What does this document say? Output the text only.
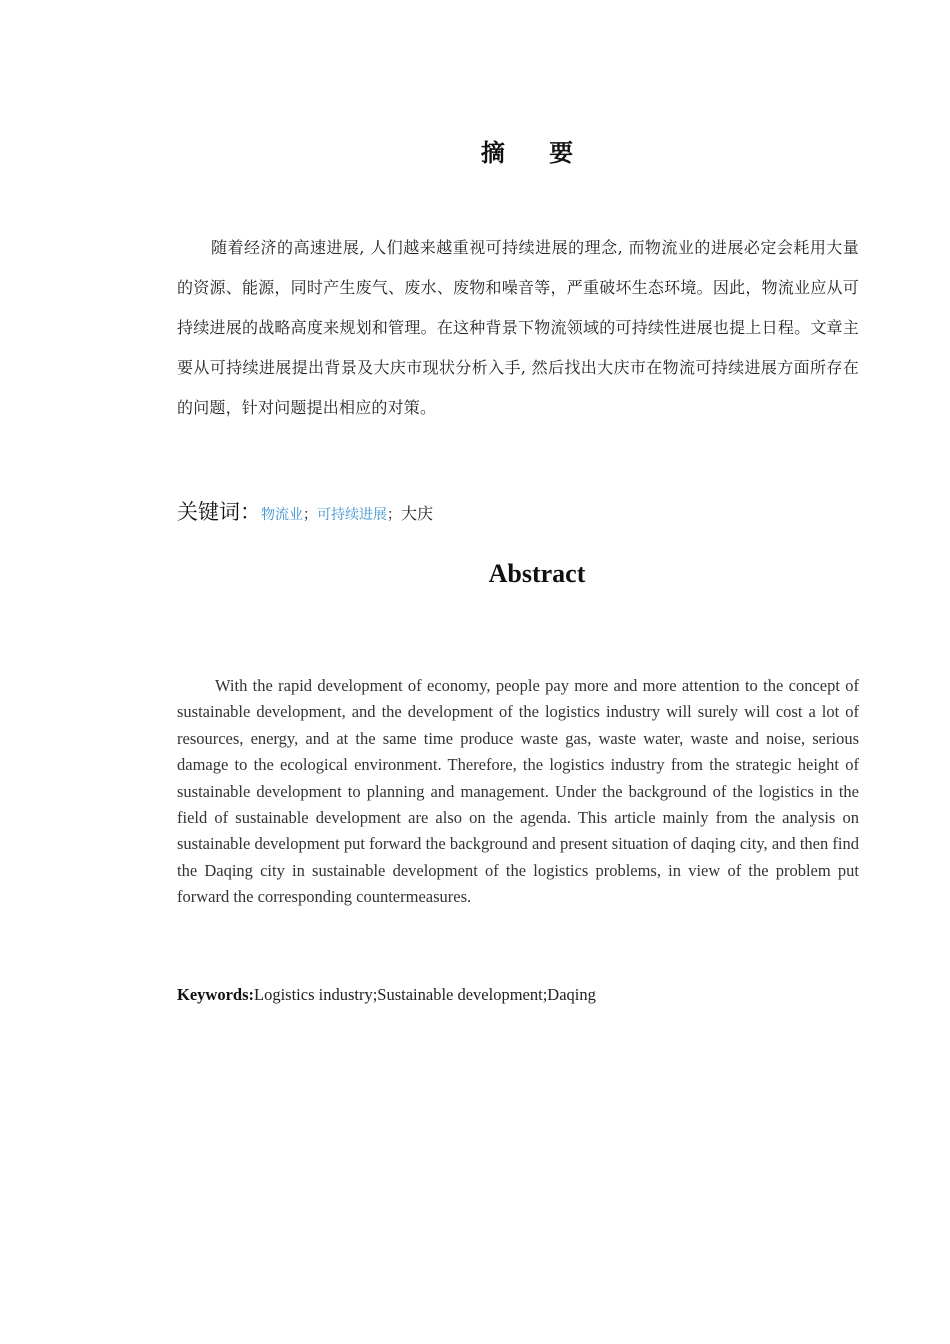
摘 要
随着经济的高速进展, 人们越来越重视可持续进展的理念, 而物流业的进展必定会耗用大量的资源、能源，同时产生废气、废水、废物和噪音等，严重破坏生态环境。因此，物流业应从可持续进展的战略高度来规划和管理。在这种背景下物流领域的可持续性进展也提上日程。文章主要从可持续进展提出背景及大庆市现状分析入手, 然后找出大庆市在物流可持续进展方面所存在的问题，针对问题提出相应的对策。
关键词：物流业；可持续进展；大庆
Abstract
With the rapid development of economy, people pay more and more attention to the concept of sustainable development, and the development of the logistics industry will surely will cost a lot of resources, energy, and at the same time produce waste gas, waste water, waste and noise, serious damage to the ecological environment. Therefore, the logistics industry from the strategic height of sustainable development to planning and management. Under the background of the logistics in the field of sustainable development are also on the agenda. This article mainly from the analysis on sustainable development put forward the background and present situation of daqing city, and then find the Daqing city in sustainable development of the logistics problems, in view of the problem put forward the corresponding countermeasures.
Keywords:Logistics industry;Sustainable development;Daqing
